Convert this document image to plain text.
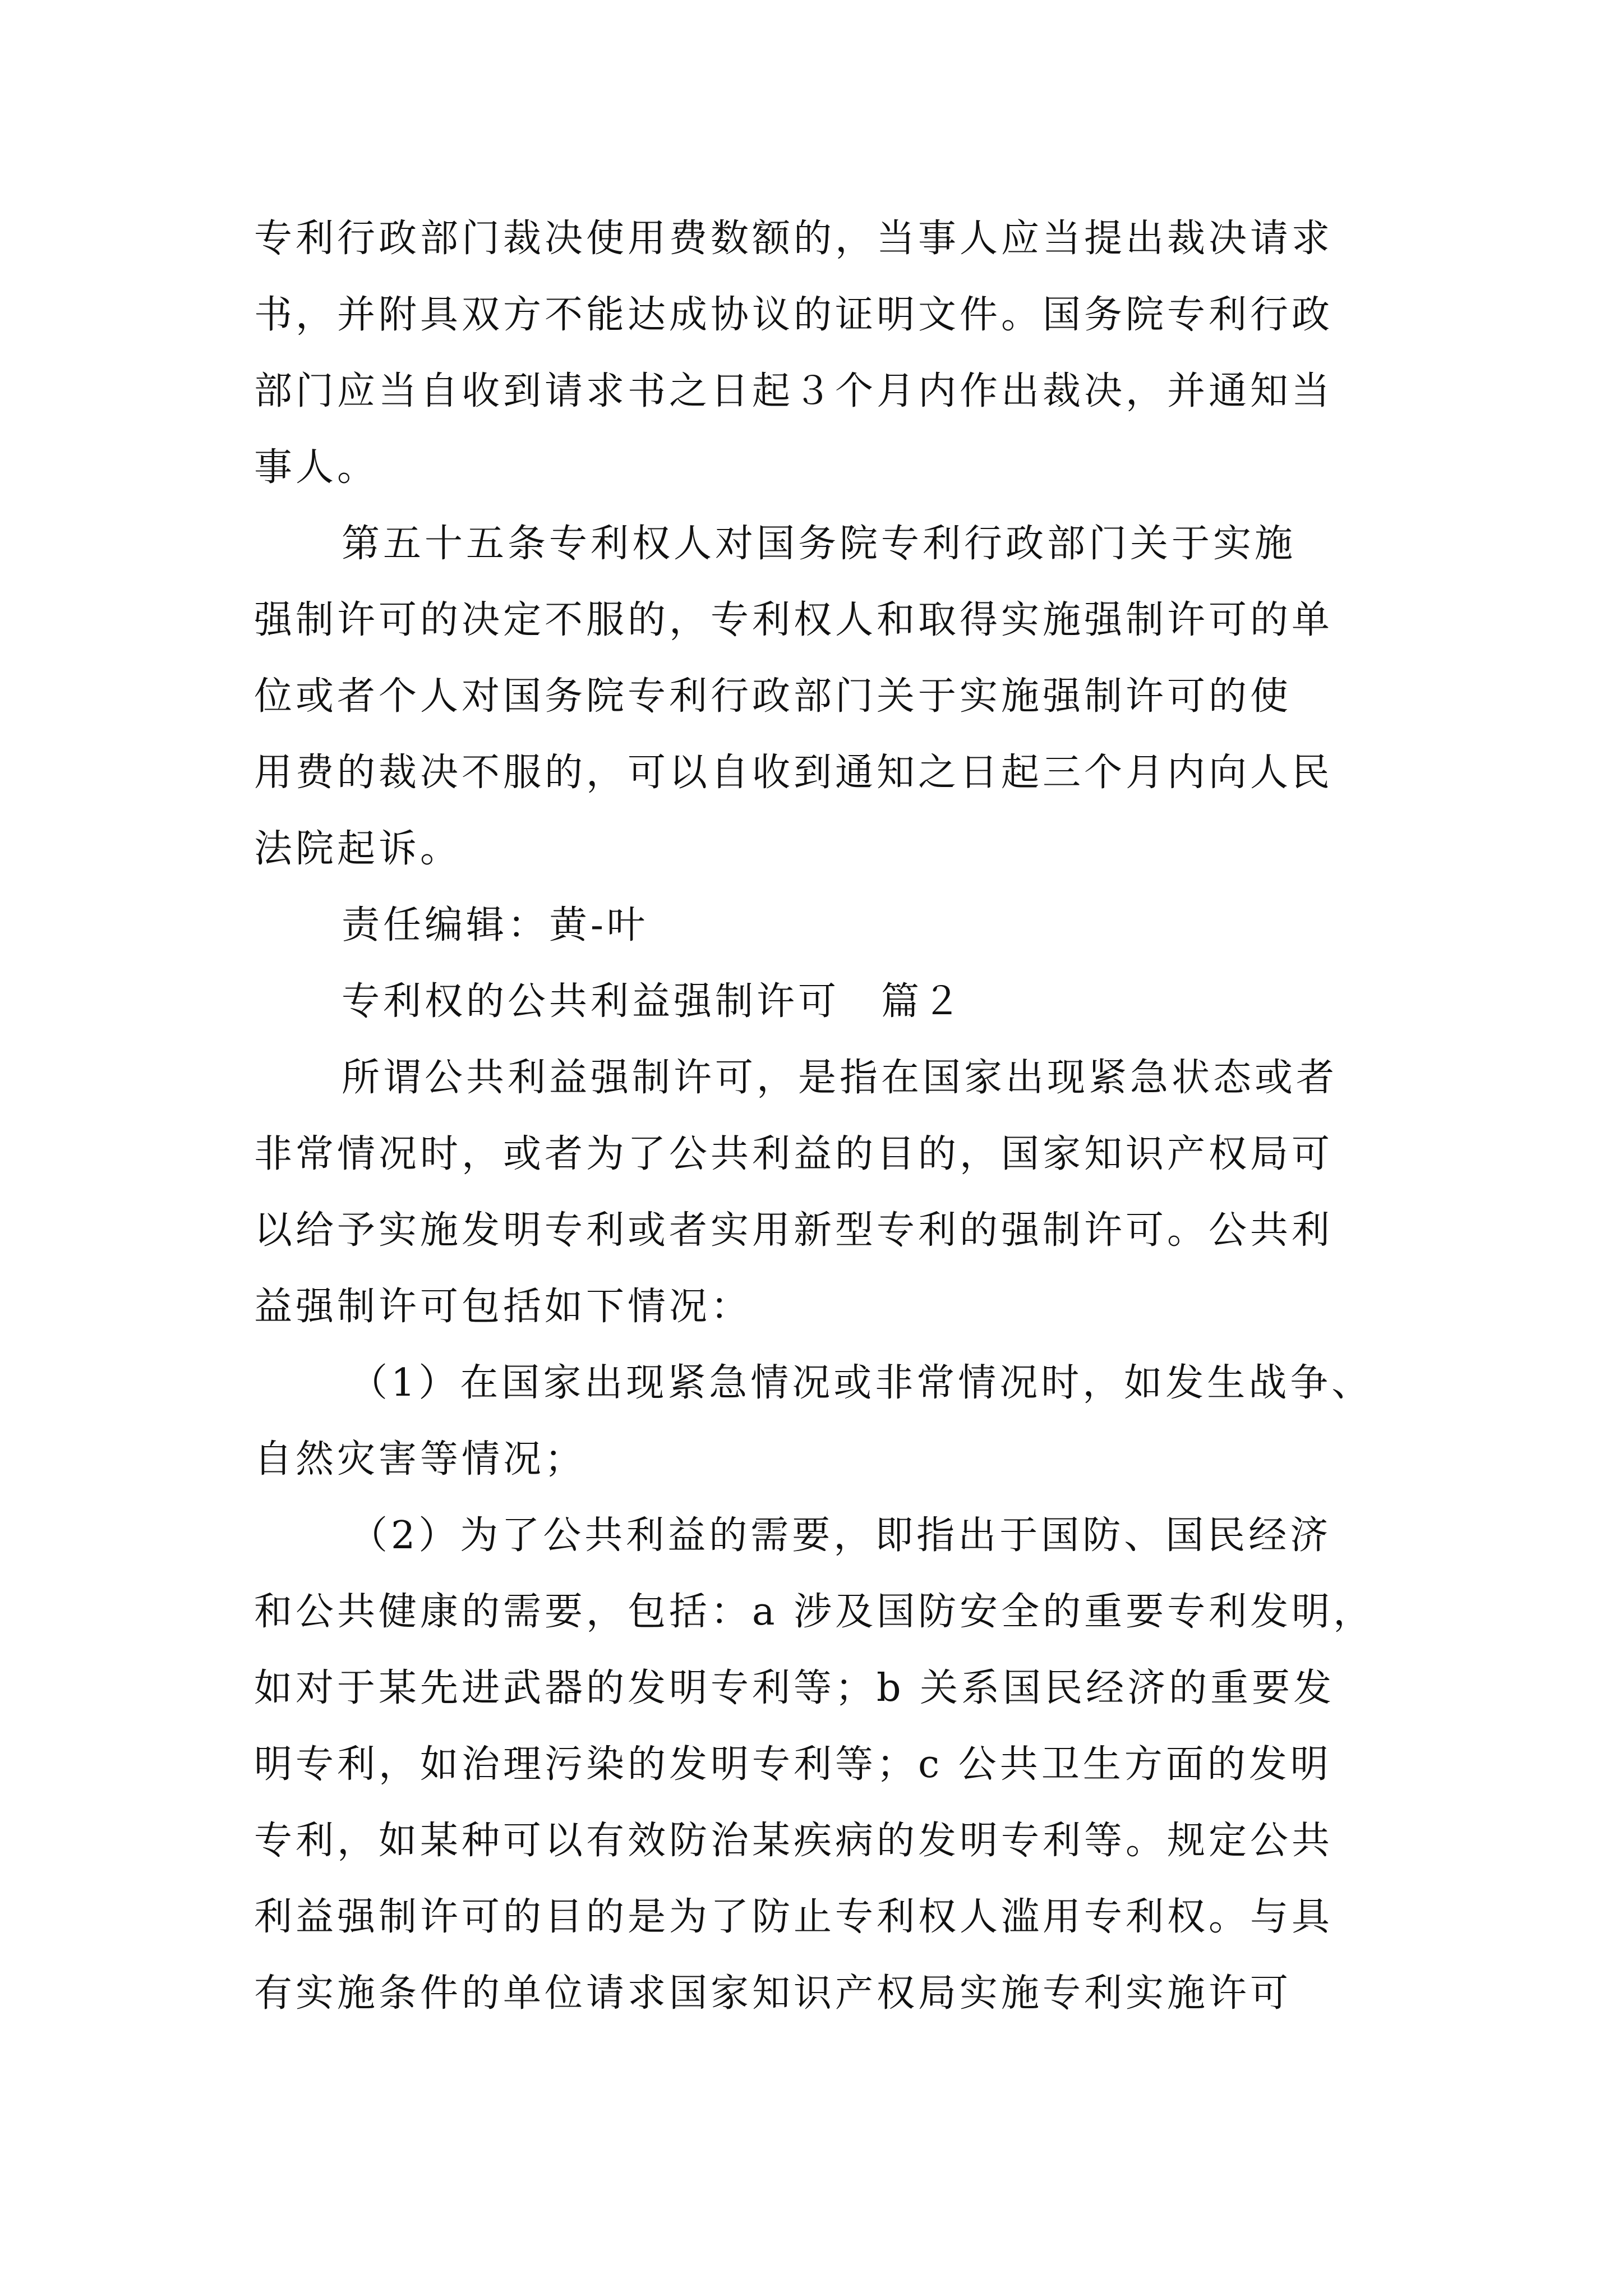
专利行政部门裁决使用费数额的，当事人应当提出裁决请求

书，并附具双方不能达成协议的证明文件。国务院专利行政

部门应当自收到请求书之日起３个月内作出裁决，并通知当

事人。

第五十五条专利权人对国务院专利行政部门关于实施

强制许可的决定不服的，专利权人和取得实施强制许可的单

位或者个人对国务院专利行政部门关于实施强制许可的使

用费的裁决不服的，可以自收到通知之日起三个月内向人民

法院起诉。

责任编辑：黄-叶

专利权的公共利益强制许可　篇２

所谓公共利益强制许可，是指在国家出现紧急状态或者

非常情况时，或者为了公共利益的目的，国家知识产权局可

以给予实施发明专利或者实用新型专利的强制许可。公共利

益强制许可包括如下情况：

（1）在国家出现紧急情况或非常情况时，如发生战争、

自然灾害等情况；

（2）为了公共利益的需要，即指出于国防、国民经济

和公共健康的需要，包括：a 涉及国防安全的重要专利发明，

如对于某先进武器的发明专利等；b 关系国民经济的重要发

明专利，如治理污染的发明专利等；c 公共卫生方面的发明

专利，如某种可以有效防治某疾病的发明专利等。规定公共

利益强制许可的目的是为了防止专利权人滥用专利权。与具

有实施条件的单位请求国家知识产权局实施专利实施许可
